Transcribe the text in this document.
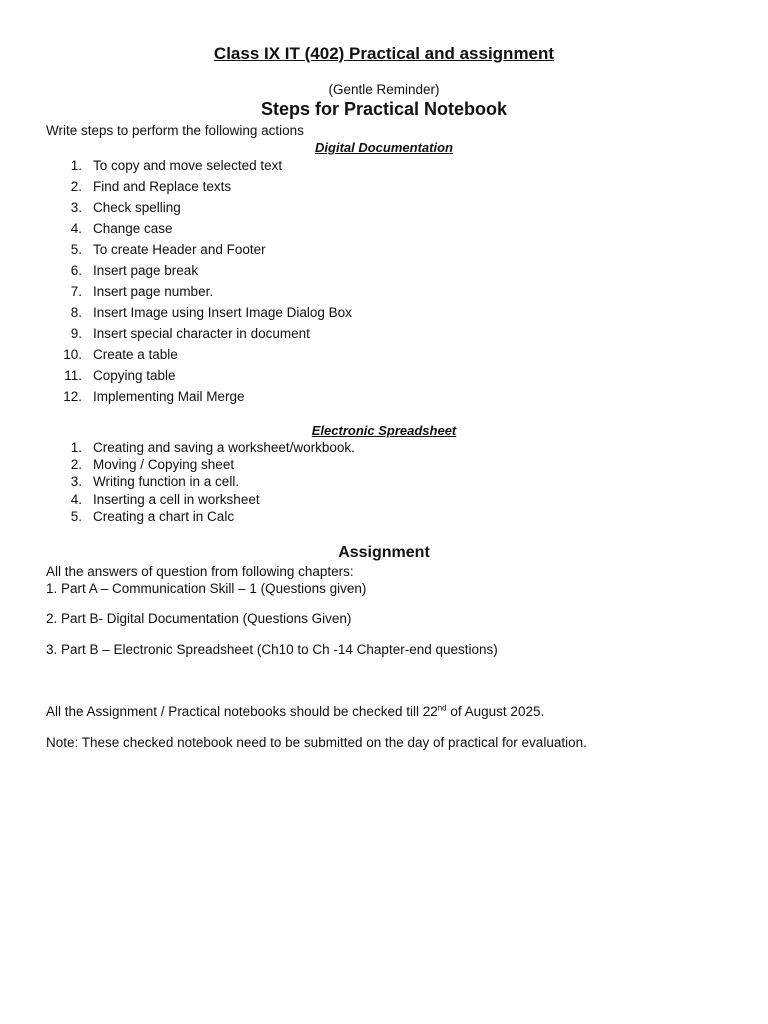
Class IX IT (402) Practical and assignment
(Gentle Reminder)
Steps for Practical Notebook
Write steps to perform the following actions
Digital Documentation
1. To copy and move selected text
2. Find and Replace texts
3. Check spelling
4. Change case
5. To create Header and Footer
6. Insert page break
7. Insert page number.
8. Insert Image using Insert Image Dialog Box
9. Insert special character in document
10. Create a table
11. Copying table
12. Implementing Mail Merge
Electronic Spreadsheet
1. Creating and saving a worksheet/workbook.
2. Moving / Copying sheet
3. Writing function in a cell.
4. Inserting a cell in worksheet
5. Creating a chart in Calc
Assignment
All the answers of question from following chapters:
1. Part A – Communication Skill – 1 (Questions given)
2. Part B- Digital Documentation (Questions Given)
3. Part B – Electronic Spreadsheet (Ch10 to Ch -14 Chapter-end questions)
All the Assignment / Practical notebooks should be checked till 22nd of August 2025.
Note: These checked notebook need to be submitted on the day of practical for evaluation.
